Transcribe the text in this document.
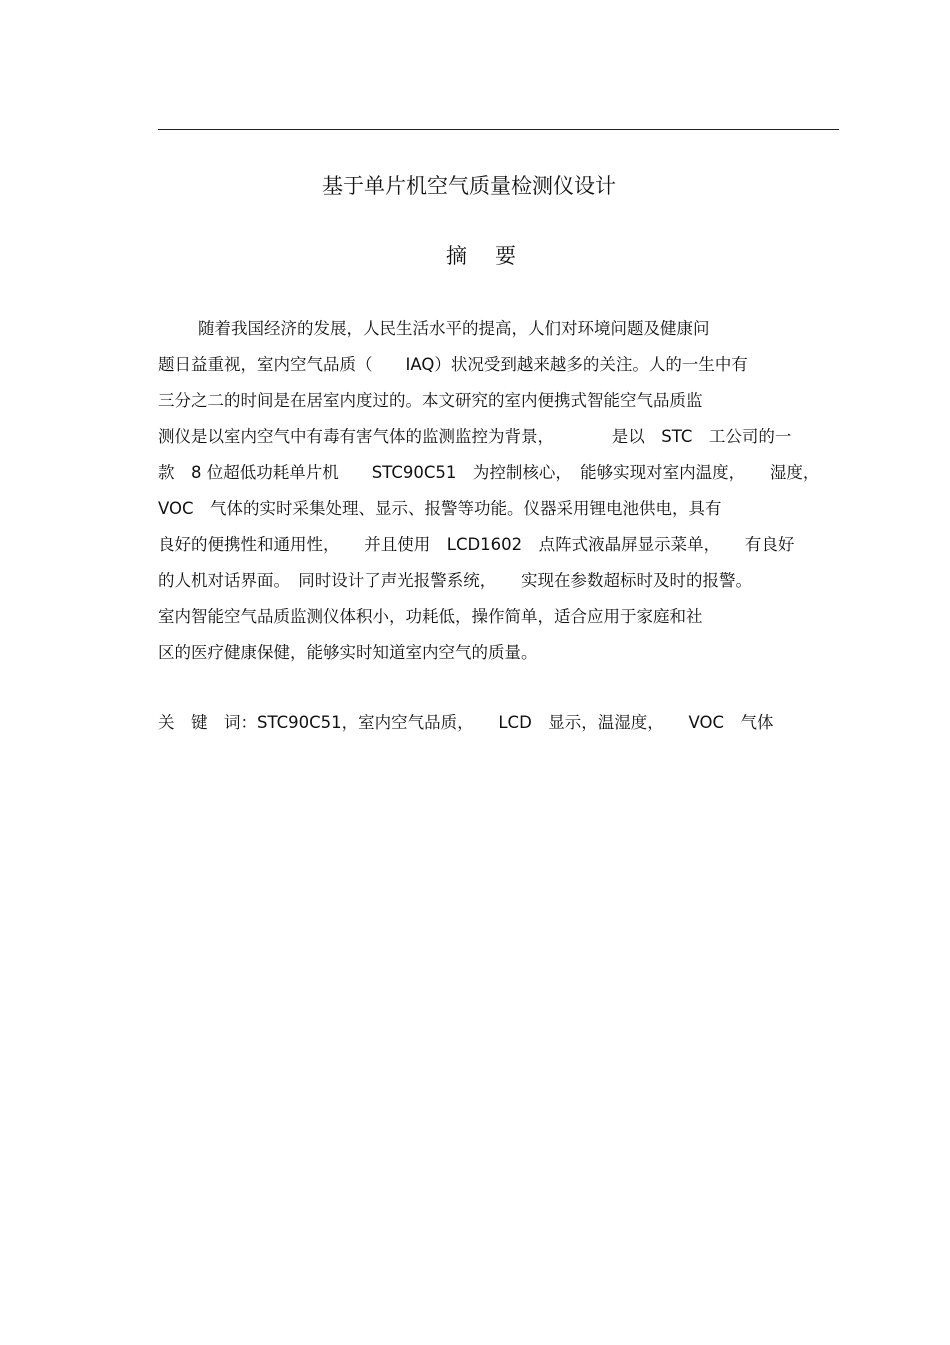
基于单片机空气质量检测仪设计
摘要
随着我国经济的发展，人民生活水平的提高，人们对环境问题及健康问
题日益重视，室内空气品质（　　IAQ）状况受到越来越多的关注。人的一生中有
三分之二的时间是在居室内度过的。本文研究的室内便携式智能空气品质监
测仪是以室内空气中有毒有害气体的监测监控为背景，　　　　是以　STC　工公司的一
款　8 位超低功耗单片机　　STC90C51　为控制核心，　能够实现对室内温度，　　湿度，
VOC　气体的实时采集处理、显示、报警等功能。仪器采用锂电池供电，具有
良好的便携性和通用性，　　并且使用　LCD1602　点阵式液晶屏显示菜单，　　有良好
的人机对话界面。　同时设计了声光报警系统，　　实现在参数超标时及时的报警。
室内智能空气品质监测仪体积小，功耗低，操作简单，适合应用于家庭和社
区的医疗健康保健，能够实时知道室内空气的质量。
关　键　词：STC90C51，室内空气品质，　　LCD　显示，温湿度，　　VOC　气体
